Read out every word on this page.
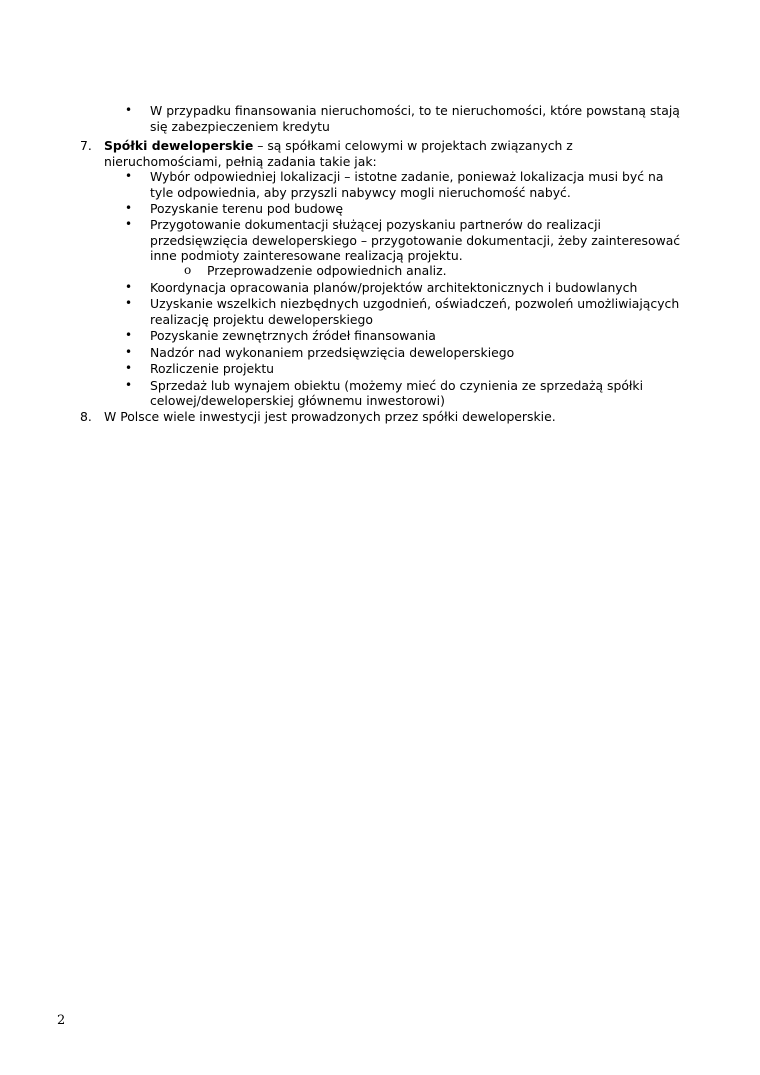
• W przypadku finansowania nieruchomości, to te nieruchomości, które powstaną stają
się zabezpieczeniem kredytu
7. Spółki deweloperskie – są spółkami celowymi w projektach związanych z
nieruchomościami, pełnią zadania takie jak:
• Wybór odpowiedniej lokalizacji – istotne zadanie, ponieważ lokalizacja musi być na
tyle odpowiednia, aby przyszli nabywcy mogli nieruchomość nabyć.
• Pozyskanie terenu pod budowę
• Przygotowanie dokumentacji służącej pozyskaniu partnerów do realizacji
przedsięwzięcia deweloperskiego – przygotowanie dokumentacji, żeby zainteresować
inne podmioty zainteresowane realizacją projektu.
o Przeprowadzenie odpowiednich analiz.
• Koordynacja opracowania planów/projektów architektonicznych i budowlanych
• Uzyskanie wszelkich niezbędnych uzgodnień, oświadczeń, pozwoleń umożliwiających
realizację projektu deweloperskiego
• Pozyskanie zewnętrznych źródeł finansowania
• Nadzór nad wykonaniem przedsięwzięcia deweloperskiego
• Rozliczenie projektu
• Sprzedaż lub wynajem obiektu (możemy mieć do czynienia ze sprzedażą spółki
celowej/deweloperskiej głównemu inwestorowi)
8. W Polsce wiele inwestycji jest prowadzonych przez spółki deweloperskie.
2
